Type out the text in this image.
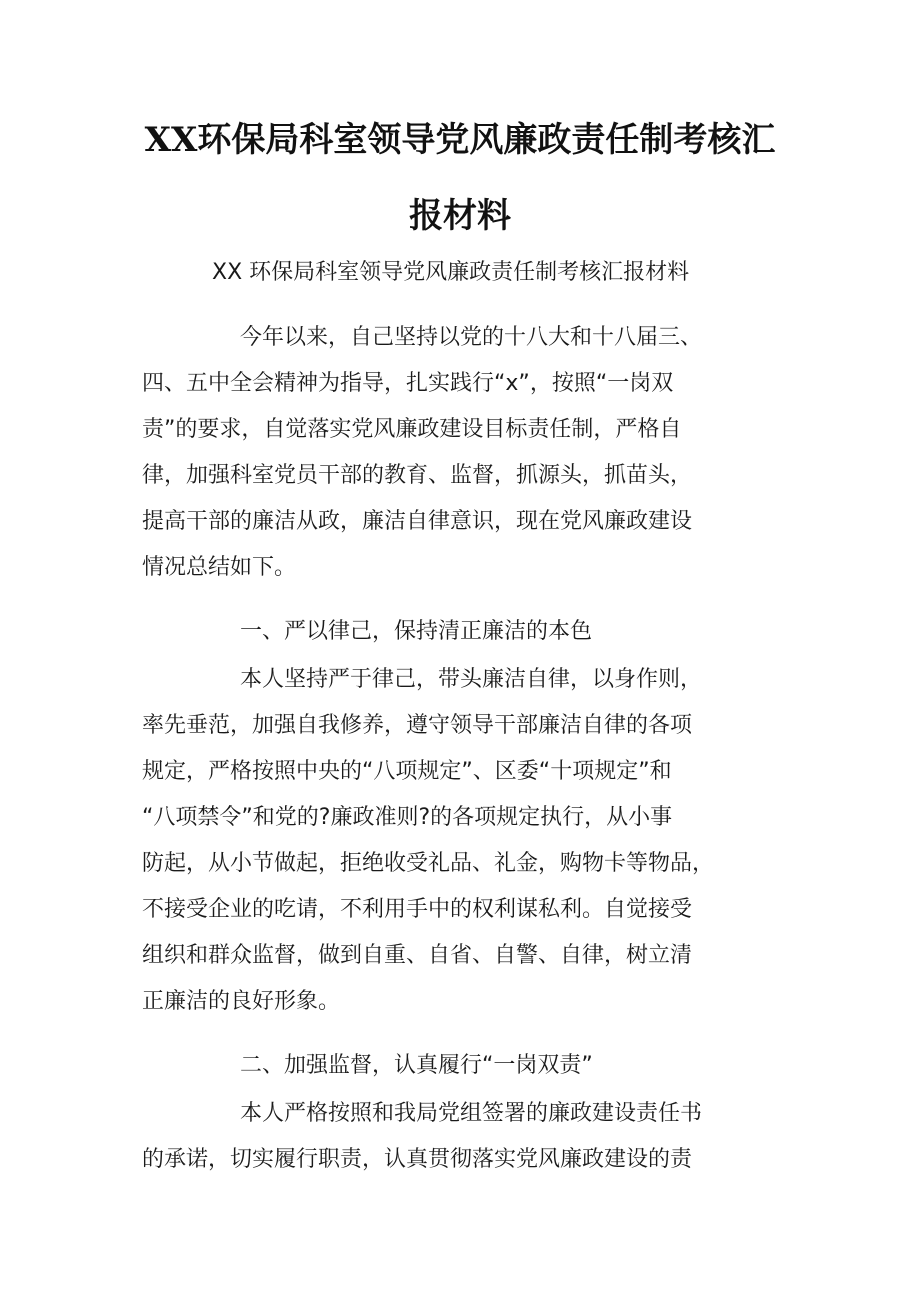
XX环保局科室领导党风廉政责任制考核汇
报材料
XX 环保局科室领导党风廉政责任制考核汇报材料
今年以来，自己坚持以党的十八大和十八届三、
四、五中全会精神为指导，扎实践行“x”，按照“一岗双
责”的要求，自觉落实党风廉政建设目标责任制，严格自
律，加强科室党员干部的教育、监督，抓源头，抓苗头，
提高干部的廉洁从政，廉洁自律意识，现在党风廉政建设
情况总结如下。
一、严以律己，保持清正廉洁的本色
本人坚持严于律己，带头廉洁自律，以身作则，
率先垂范，加强自我修养，遵守领导干部廉洁自律的各项
规定，严格按照中央的“八项规定”、区委“十项规定”和
“八项禁令”和党的?廉政准则?的各项规定执行，从小事
防起，从小节做起，拒绝收受礼品、礼金，购物卡等物品，
不接受企业的吃请，不利用手中的权利谋私利。自觉接受
组织和群众监督，做到自重、自省、自警、自律，树立清
正廉洁的良好形象。
二、加强监督，认真履行“一岗双责”
本人严格按照和我局党组签署的廉政建设责任书
的承诺，切实履行职责，认真贯彻落实党风廉政建设的责
